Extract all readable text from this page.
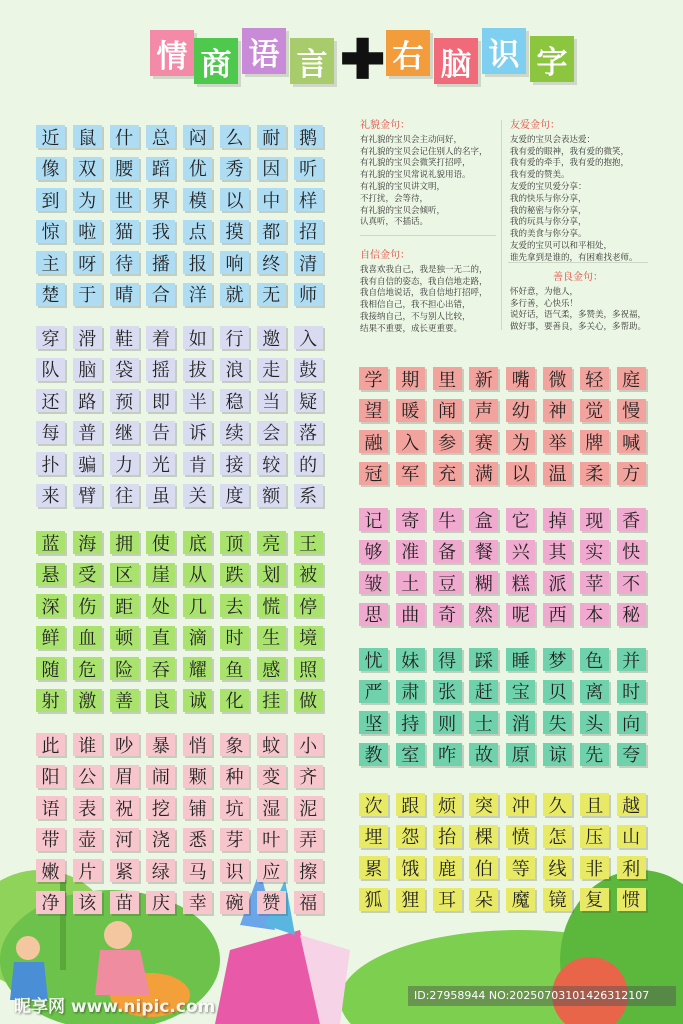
情 商 语 言 ✚ 右 脑 识 字
近	鼠	什	总	闷	么	耐	鹅
像	双	腰	蹈	优	秀	因	听
到	为	世	界	模	以	中	样
惊	啦	猫	我	点	摸	都	招
主	呀	待	播	报	响	终	清
楚	于	晴	合	洋	就	无	师
穿	滑	鞋	着	如	行	邀	入
队	脑	袋	摇	拔	浪	走	鼓
还	路	预	即	半	稳	当	疑
每	普	继	告	诉	续	会	落
扑	骗	力	光	肯	接	较	的
来	臂	往	虽	关	度	额	系
蓝	海	拥	使	底	顶	亮	王
悬	受	区	崖	从	跌	划	被
深	伤	距	处	几	去	慌	停
鲜	血	顿	直	滴	时	生	境
随	危	险	吞	耀	鱼	感	照
射	激	善	良	诚	化	挂	做
此	谁	吵	暴	悄	象	蚊	小
阳	公	眉	闹	颗	种	变	齐
语	表	祝	挖	铺	坑	湿	泥
带	壶	河	浇	悉	芽	叶	弄
嫩	片	紧	绿	马	识	应	擦
净	该	苗	庆	幸	碗	赞	福
学	期	里	新	嘴	微	轻	庭
望	暖	闻	声	幼	神	觉	慢
融	入	参	赛	为	举	牌	喊
冠	军	充	满	以	温	柔	方
记	寄	牛	盒	它	掉	现	香
够	准	备	餐	兴	其	实	快
皱	土	豆	糊	糕	派	苹	不
思	曲	奇	然	呢	西	本	秘
忧	妹	得	踩	睡	梦	色	并
严	肃	张	赶	宝	贝	离	时
坚	持	则	士	消	失	头	向
教	室	咋	故	原	谅	先	夸
次	跟	烦	突	冲	久	且	越
埋	怨	抬	棵	愤	怎	压	山
累	饿	鹿	伯	等	线	非	利
狐	狸	耳	朵	魔	镜	复	惯
礼貌金句：

有礼貌的宝贝会主动问好，

有礼貌的宝贝会记住别人的名字，

有礼貌的宝贝会微笑打招呼，

有礼貌的宝贝常说礼貌用语。

有礼貌的宝贝讲文明，

不打扰，会等待，

有礼貌的宝贝会倾听，

认真听，不插话。

友爱金句：

友爱的宝贝会表达爱：

我有爱的眼神，我有爱的微笑，

我有爱的牵手，我有爱的抱抱，

我有爱的赞美。

友爱的宝贝爱分享：

我的快乐与你分享，

我的秘密与你分享，

我的玩具与你分享，

我的美食与你分享。

友爱的宝贝可以和平相处，

谁先拿到是谁的，有困难找老师。

自信金句：

我喜欢我自己，我是独一无二的，

我有自信的姿态，我自信地走路，

我自信地说话，我自信地打招呼，

我相信自己，我不担心出错，

我接纳自己，不与别人比较，

结果不重要，成长更重要。

善良金句：

怀好意，为他人，

多行善，心快乐！

说好话，语气柔，多赞美，多祝福，

做好事，要善良，多关心，多帮助。

昵享网 www.nipic.com
ID:27958944 NO:20250703101426312107
